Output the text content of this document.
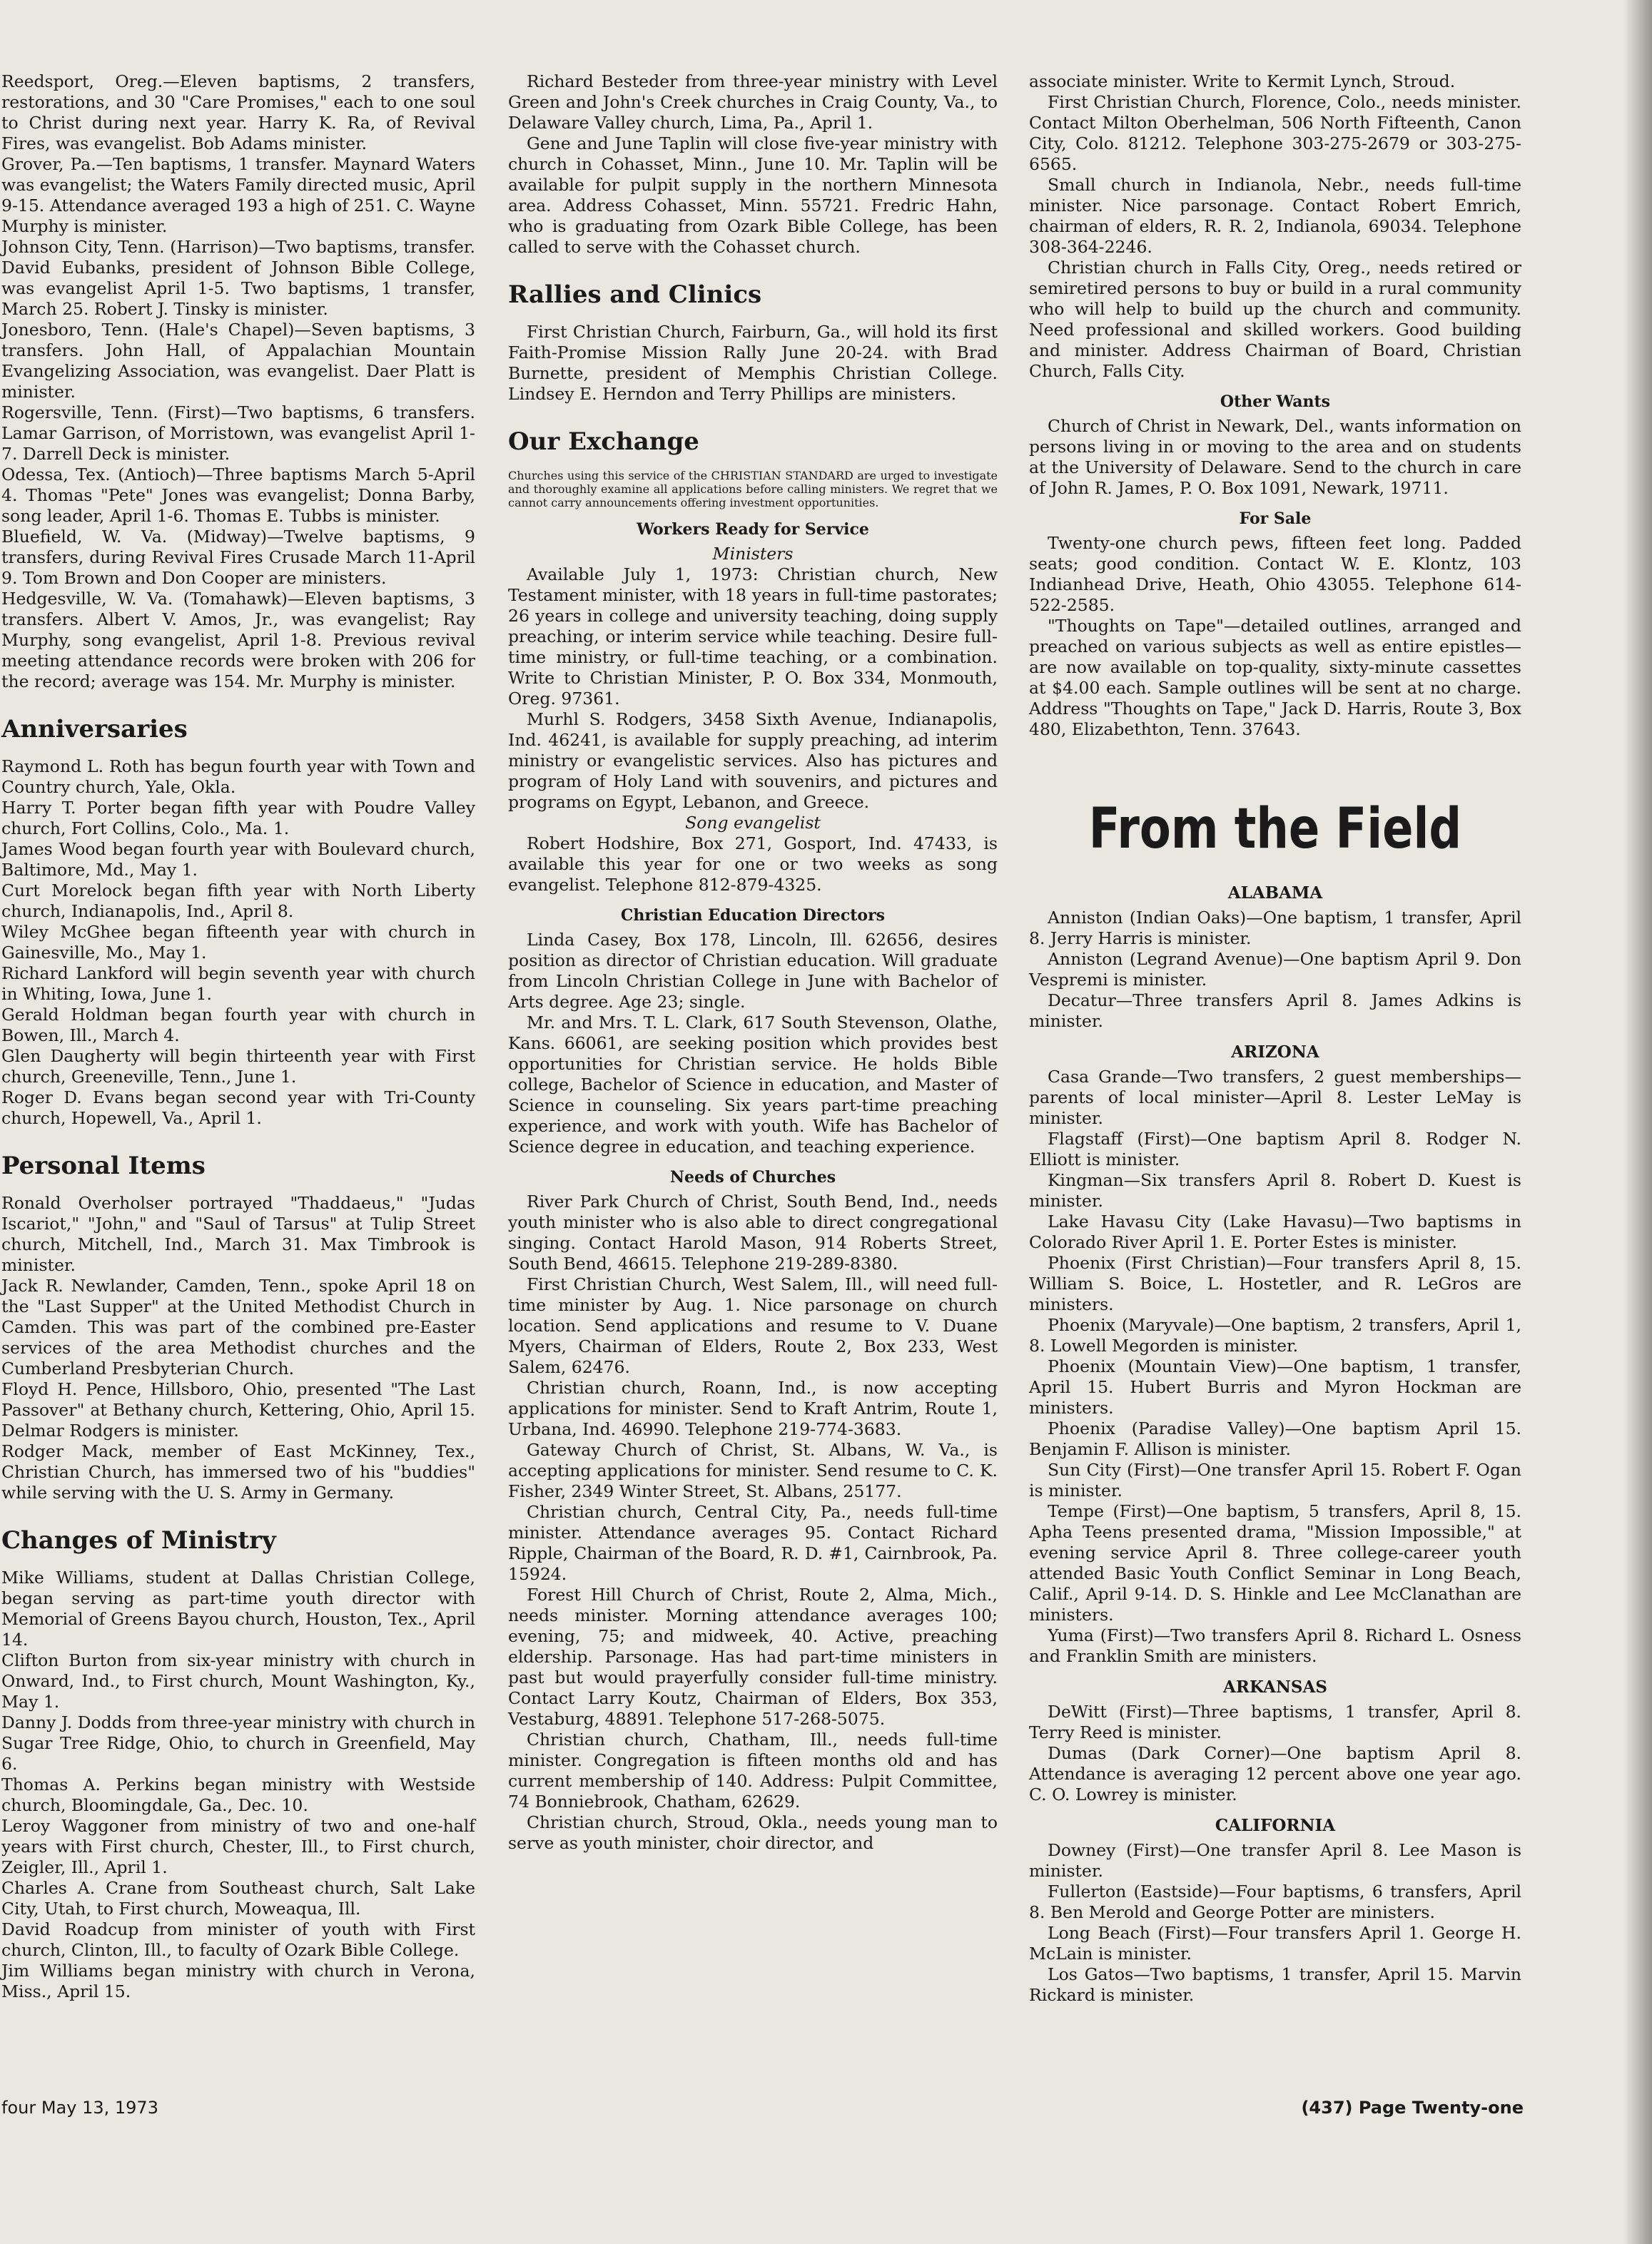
Reedsport, Oreg.—Eleven baptisms, 2 transfers, restorations, and 30 "Care Promises," each to one soul to Christ during next year. Harry K. Ra, of Revival Fires, was evangelist. Bob Adams minister.

Grover, Pa.—Ten baptisms, 1 transfer. Maynard Waters was evangelist; the Waters Family directed music, April 9-15. Attendance averaged 193 a high of 251. C. Wayne Murphy is minister.

Johnson City, Tenn. (Harrison)—Two baptisms, transfer. David Eubanks, president of Johnson Bible College, was evangelist April 1-5. Two baptisms, 1 transfer, March 25. Robert J. Tinsky is minister.

Jonesboro, Tenn. (Hale's Chapel)—Seven baptisms, 3 transfers. John Hall, of Appalachian Mountain Evangelizing Association, was evangelist. Daer Platt is minister.

Rogersville, Tenn. (First)—Two baptisms, 6 transfers. Lamar Garrison, of Morristown, was evangelist April 1-7. Darrell Deck is minister.

Odessa, Tex. (Antioch)—Three baptisms March 5-April 4. Thomas "Pete" Jones was evangelist; Donna Barby, song leader, April 1-6. Thomas E. Tubbs is minister.

Bluefield, W. Va. (Midway)—Twelve baptisms, 9 transfers, during Revival Fires Crusade March 11-April 9. Tom Brown and Don Cooper are ministers.

Hedgesville, W. Va. (Tomahawk)—Eleven baptisms, 3 transfers. Albert V. Amos, Jr., was evangelist; Ray Murphy, song evangelist, April 1-8. Previous revival meeting attendance records were broken with 206 for the record; average was 154. Mr. Murphy is minister.

Anniversaries

Raymond L. Roth has begun fourth year with Town and Country church, Yale, Okla.

Harry T. Porter began fifth year with Poudre Valley church, Fort Collins, Colo., Ma. 1.

James Wood began fourth year with Boulevard church, Baltimore, Md., May 1.

Curt Morelock began fifth year with North Liberty church, Indianapolis, Ind., April 8.

Wiley McGhee began fifteenth year with church in Gainesville, Mo., May 1.

Richard Lankford will begin seventh year with church in Whiting, Iowa, June 1.

Gerald Holdman began fourth year with church in Bowen, Ill., March 4.

Glen Daugherty will begin thirteenth year with First church, Greeneville, Tenn., June 1.

Roger D. Evans began second year with Tri-County church, Hopewell, Va., April 1.

Personal Items

Ronald Overholser portrayed "Thaddaeus," "Judas Iscariot," "John," and "Saul of Tarsus" at Tulip Street church, Mitchell, Ind., March 31. Max Timbrook is minister.

Jack R. Newlander, Camden, Tenn., spoke April 18 on the "Last Supper" at the United Methodist Church in Camden. This was part of the combined pre-Easter services of the area Methodist churches and the Cumberland Presbyterian Church.

Floyd H. Pence, Hillsboro, Ohio, presented "The Last Passover" at Bethany church, Kettering, Ohio, April 15. Delmar Rodgers is minister.

Rodger Mack, member of East McKinney, Tex., Christian Church, has immersed two of his "buddies" while serving with the U. S. Army in Germany.

Changes of Ministry

Mike Williams, student at Dallas Christian College, began serving as part-time youth director with Memorial of Greens Bayou church, Houston, Tex., April 14.

Clifton Burton from six-year ministry with church in Onward, Ind., to First church, Mount Washington, Ky., May 1.

Danny J. Dodds from three-year ministry with church in Sugar Tree Ridge, Ohio, to church in Greenfield, May 6.

Thomas A. Perkins began ministry with Westside church, Bloomingdale, Ga., Dec. 10.

Leroy Waggoner from ministry of two and one-half years with First church, Chester, Ill., to First church, Zeigler, Ill., April 1.

Charles A. Crane from Southeast church, Salt Lake City, Utah, to First church, Moweaqua, Ill.

David Roadcup from minister of youth with First church, Clinton, Ill., to faculty of Ozark Bible College.

Jim Williams began ministry with church in Verona, Miss., April 15.

Richard Besteder from three-year ministry with Level Green and John's Creek churches in Craig County, Va., to Delaware Valley church, Lima, Pa., April 1.

Gene and June Taplin will close five-year ministry with church in Cohasset, Minn., June 10. Mr. Taplin will be available for pulpit supply in the northern Minnesota area. Address Cohasset, Minn. 55721. Fredric Hahn, who is graduating from Ozark Bible College, has been called to serve with the Cohasset church.

Rallies and Clinics

First Christian Church, Fairburn, Ga., will hold its first Faith-Promise Mission Rally June 20-24. with Brad Burnette, president of Memphis Christian College. Lindsey E. Herndon and Terry Phillips are ministers.

Our Exchange

Churches using this service of the CHRISTIAN STANDARD are urged to investigate and thoroughly examine all applications before calling ministers. We regret that we cannot carry announcements offering investment opportunities.

Workers Ready for Service

Ministers

Available July 1, 1973: Christian church, New Testament minister, with 18 years in full-time pastorates; 26 years in college and university teaching, doing supply preaching, or interim service while teaching. Desire full-time ministry, or full-time teaching, or a combination. Write to Christian Minister, P. O. Box 334, Monmouth, Oreg. 97361.

Murhl S. Rodgers, 3458 Sixth Avenue, Indianapolis, Ind. 46241, is available for supply preaching, ad interim ministry or evangelistic services. Also has pictures and program of Holy Land with souvenirs, and pictures and programs on Egypt, Lebanon, and Greece.

Song evangelist

Robert Hodshire, Box 271, Gosport, Ind. 47433, is available this year for one or two weeks as song evangelist. Telephone 812-879-4325.

Christian Education Directors

Linda Casey, Box 178, Lincoln, Ill. 62656, desires position as director of Christian education. Will graduate from Lincoln Christian College in June with Bachelor of Arts degree. Age 23; single.

Mr. and Mrs. T. L. Clark, 617 South Stevenson, Olathe, Kans. 66061, are seeking position which provides best opportunities for Christian service. He holds Bible college, Bachelor of Science in education, and Master of Science in counseling. Six years part-time preaching experience, and work with youth. Wife has Bachelor of Science degree in education, and teaching experience.

Needs of Churches

River Park Church of Christ, South Bend, Ind., needs youth minister who is also able to direct congregational singing. Contact Harold Mason, 914 Roberts Street, South Bend, 46615. Telephone 219-289-8380.

First Christian Church, West Salem, Ill., will need full-time minister by Aug. 1. Nice parsonage on church location. Send applications and resume to V. Duane Myers, Chairman of Elders, Route 2, Box 233, West Salem, 62476.

Christian church, Roann, Ind., is now accepting applications for minister. Send to Kraft Antrim, Route 1, Urbana, Ind. 46990. Telephone 219-774-3683.

Gateway Church of Christ, St. Albans, W. Va., is accepting applications for minister. Send resume to C. K. Fisher, 2349 Winter Street, St. Albans, 25177.

Christian church, Central City, Pa., needs full-time minister. Attendance averages 95. Contact Richard Ripple, Chairman of the Board, R. D. #1, Cairnbrook, Pa. 15924.

Forest Hill Church of Christ, Route 2, Alma, Mich., needs minister. Morning attendance averages 100; evening, 75; and midweek, 40. Active, preaching eldership. Parsonage. Has had part-time ministers in past but would prayerfully consider full-time ministry. Contact Larry Koutz, Chairman of Elders, Box 353, Vestaburg, 48891. Telephone 517-268-5075.

Christian church, Chatham, Ill., needs full-time minister. Congregation is fifteen months old and has current membership of 140. Address: Pulpit Committee, 74 Bonniebrook, Chatham, 62629.

Christian church, Stroud, Okla., needs young man to serve as youth minister, choir director, and

associate minister. Write to Kermit Lynch, Stroud.

First Christian Church, Florence, Colo., needs minister. Contact Milton Oberhelman, 506 North Fifteenth, Canon City, Colo. 81212. Telephone 303-275-2679 or 303-275-6565.

Small church in Indianola, Nebr., needs full-time minister. Nice parsonage. Contact Robert Emrich, chairman of elders, R. R. 2, Indianola, 69034. Telephone 308-364-2246.

Christian church in Falls City, Oreg., needs retired or semiretired persons to buy or build in a rural community who will help to build up the church and community. Need professional and skilled workers. Good building and minister. Address Chairman of Board, Christian Church, Falls City.

Other Wants

Church of Christ in Newark, Del., wants information on persons living in or moving to the area and on students at the University of Delaware. Send to the church in care of John R. James, P. O. Box 1091, Newark, 19711.

For Sale

Twenty-one church pews, fifteen feet long. Padded seats; good condition. Contact W. E. Klontz, 103 Indianhead Drive, Heath, Ohio 43055. Telephone 614-522-2585.

"Thoughts on Tape"—detailed outlines, arranged and preached on various subjects as well as entire epistles—are now available on top-quality, sixty-minute cassettes at $4.00 each. Sample outlines will be sent at no charge. Address "Thoughts on Tape," Jack D. Harris, Route 3, Box 480, Elizabethton, Tenn. 37643.

From the Field
ALABAMA

Anniston (Indian Oaks)—One baptism, 1 transfer, April 8. Jerry Harris is minister.

Anniston (Legrand Avenue)—One baptism April 9. Don Vespremi is minister.

Decatur—Three transfers April 8. James Adkins is minister.

ARIZONA

Casa Grande—Two transfers, 2 guest memberships—parents of local minister—April 8. Lester LeMay is minister.

Flagstaff (First)—One baptism April 8. Rodger N. Elliott is minister.

Kingman—Six transfers April 8. Robert D. Kuest is minister.

Lake Havasu City (Lake Havasu)—Two baptisms in Colorado River April 1. E. Porter Estes is minister.

Phoenix (First Christian)—Four transfers April 8, 15. William S. Boice, L. Hostetler, and R. LeGros are ministers.

Phoenix (Maryvale)—One baptism, 2 transfers, April 1, 8. Lowell Megorden is minister.

Phoenix (Mountain View)—One baptism, 1 transfer, April 15. Hubert Burris and Myron Hockman are ministers.

Phoenix (Paradise Valley)—One baptism April 15. Benjamin F. Allison is minister.

Sun City (First)—One transfer April 15. Robert F. Ogan is minister.

Tempe (First)—One baptism, 5 transfers, April 8, 15. Apha Teens presented drama, "Mission Impossible," at evening service April 8. Three college-career youth attended Basic Youth Conflict Seminar in Long Beach, Calif., April 9-14. D. S. Hinkle and Lee McClanathan are ministers.

Yuma (First)—Two transfers April 8. Richard L. Osness and Franklin Smith are ministers.

ARKANSAS

DeWitt (First)—Three baptisms, 1 transfer, April 8. Terry Reed is minister.

Dumas (Dark Corner)—One baptism April 8. Attendance is averaging 12 percent above one year ago. C. O. Lowrey is minister.

CALIFORNIA

Downey (First)—One transfer April 8. Lee Mason is minister.

Fullerton (Eastside)—Four baptisms, 6 transfers, April 8. Ben Merold and George Potter are ministers.

Long Beach (First)—Four transfers April 1. George H. McLain is minister.

Los Gatos—Two baptisms, 1 transfer, April 15. Marvin Rickard is minister.

four May 13, 1973	(437) Page Twenty-one
